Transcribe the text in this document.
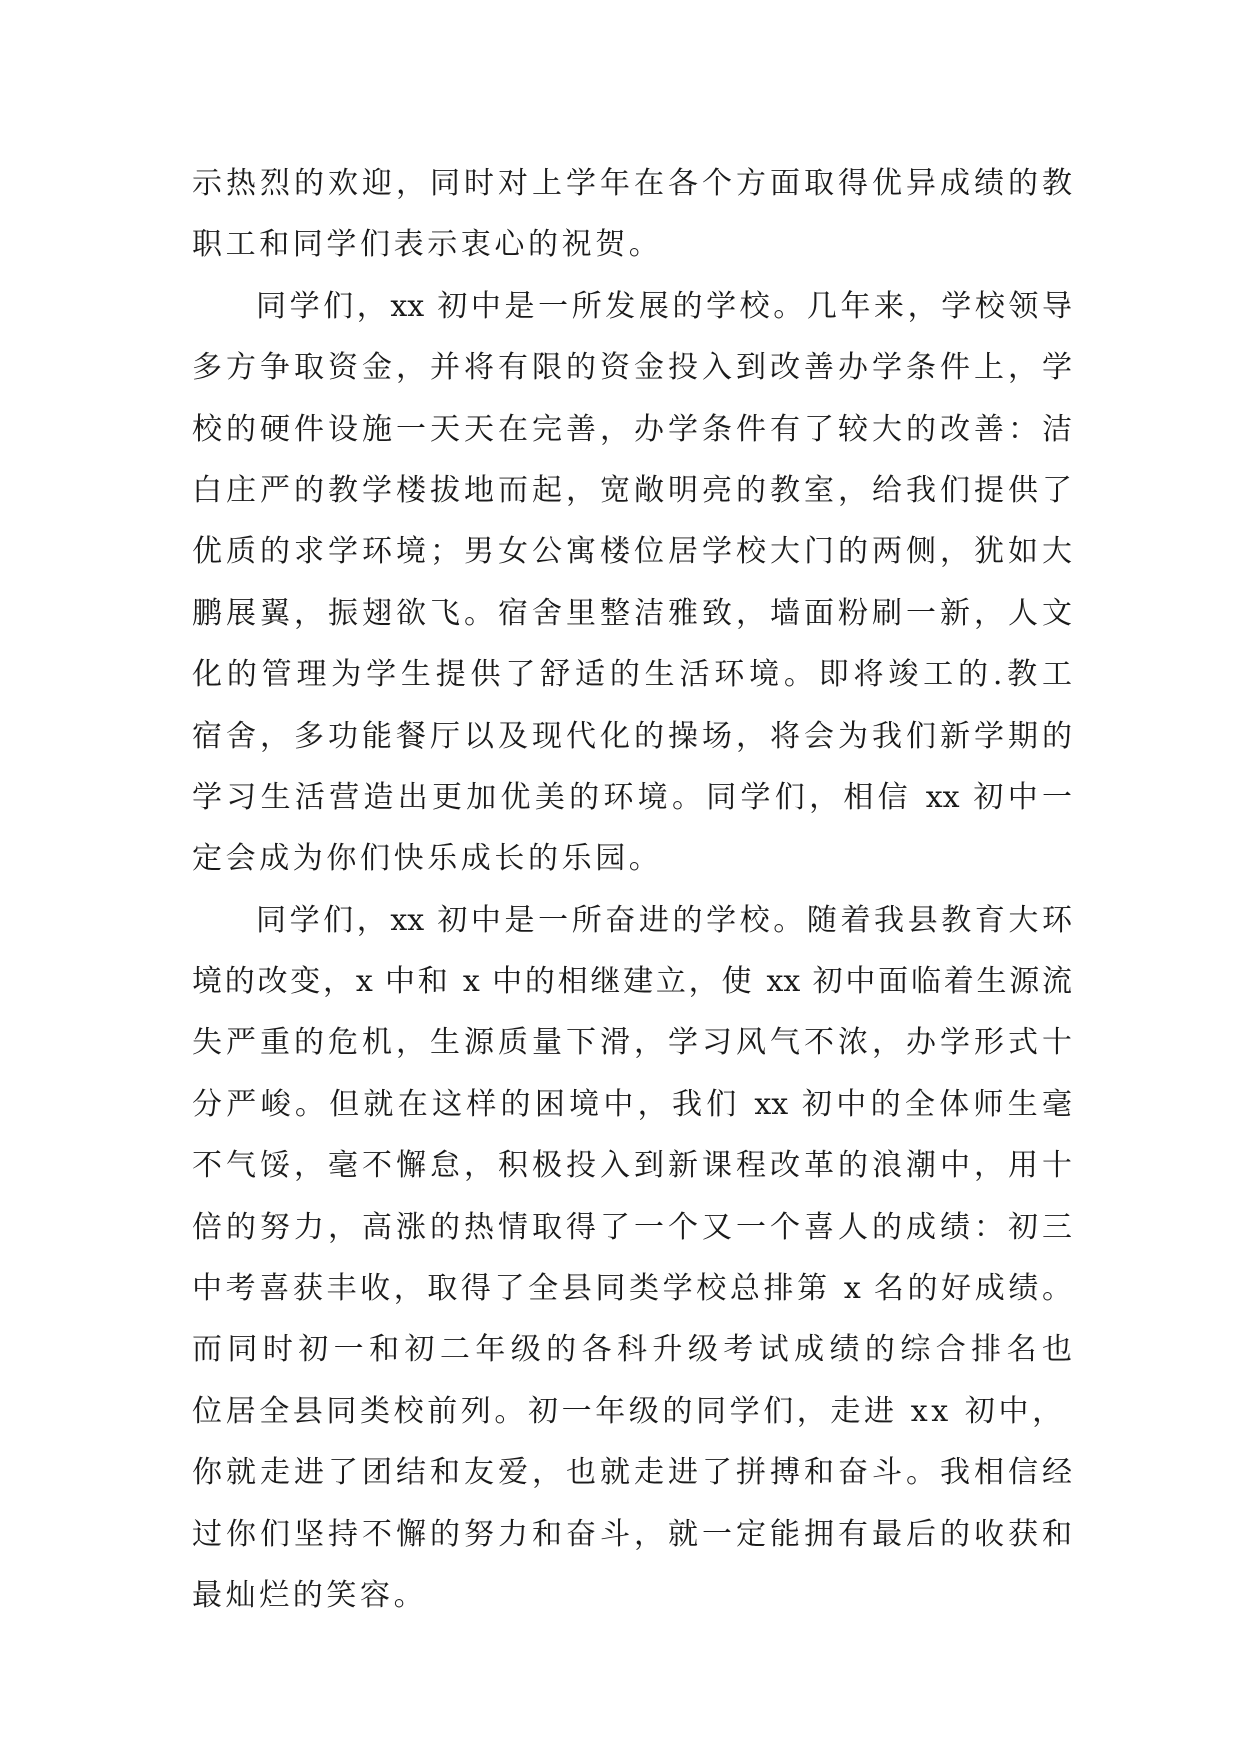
示热烈的欢迎，同时对上学年在各个方面取得优异成绩的教
职工和同学们表示衷心的祝贺。
同学们，xx 初中是一所发展的学校。几年来，学校领导
多方争取资金，并将有限的资金投入到改善办学条件上，学
校的硬件设施一天天在完善，办学条件有了较大的改善：洁
白庄严的教学楼拔地而起，宽敞明亮的教室，给我们提供了
优质的求学环境；男女公寓楼位居学校大门的两侧，犹如大
鹏展翼，振翅欲飞。宿舍里整洁雅致，墙面粉刷一新，人文
化的管理为学生提供了舒适的生活环境。即将竣工的.教工
宿舍，多功能餐厅以及现代化的操场，将会为我们新学期的
学习生活营造出更加优美的环境。同学们，相信 xx 初中一
定会成为你们快乐成长的乐园。
同学们，xx 初中是一所奋进的学校。随着我县教育大环
境的改变，x 中和 x 中的相继建立，使 xx 初中面临着生源流
失严重的危机，生源质量下滑，学习风气不浓，办学形式十
分严峻。但就在这样的困境中，我们 xx 初中的全体师生毫
不气馁，毫不懈怠，积极投入到新课程改革的浪潮中，用十
倍的努力，高涨的热情取得了一个又一个喜人的成绩：初三
中考喜获丰收，取得了全县同类学校总排第 x 名的好成绩。
而同时初一和初二年级的各科升级考试成绩的综合排名也
位居全县同类校前列。初一年级的同学们，走进 xx 初中，
你就走进了团结和友爱，也就走进了拼搏和奋斗。我相信经
过你们坚持不懈的努力和奋斗，就一定能拥有最后的收获和
最灿烂的笑容。
